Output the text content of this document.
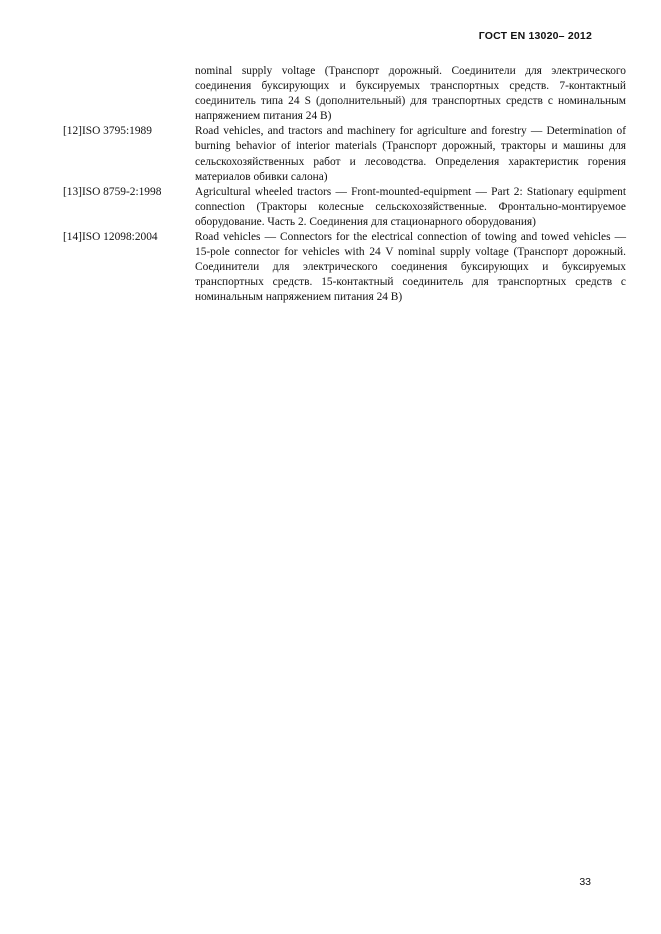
ГОСТ EN 13020– 2012
nominal supply voltage (Транспорт дорожный. Соединители для электрического соединения буксирующих и буксируемых транспортных средств. 7-контактный соединитель типа 24 S (дополнительный) для транспортных средств с номинальным напряжением питания 24 В)
[12]ISO 3795:1989	Road vehicles, and tractors and machinery for agriculture and forestry — Determination of burning behavior of interior materials (Транспорт дорожный, тракторы и машины для сельскохозяйственных работ и лесоводства. Определения характеристик горения материалов обивки салона)
[13]ISO 8759-2:1998	Agricultural wheeled tractors — Front-mounted-equipment — Part 2: Stationary equipment connection (Тракторы колесные сельскохозяйственные. Фронтально-монтируемое оборудование. Часть 2. Соединения для стационарного оборудования)
[14]ISO 12098:2004	Road vehicles — Connectors for the electrical connection of towing and towed vehicles — 15-pole connector for vehicles with 24 V nominal supply voltage (Транспорт дорожный. Соединители для электрического соединения буксирующих и буксируемых транспортных средств. 15-контактный соединитель для транспортных средств с номинальным напряжением питания 24 В)
33
